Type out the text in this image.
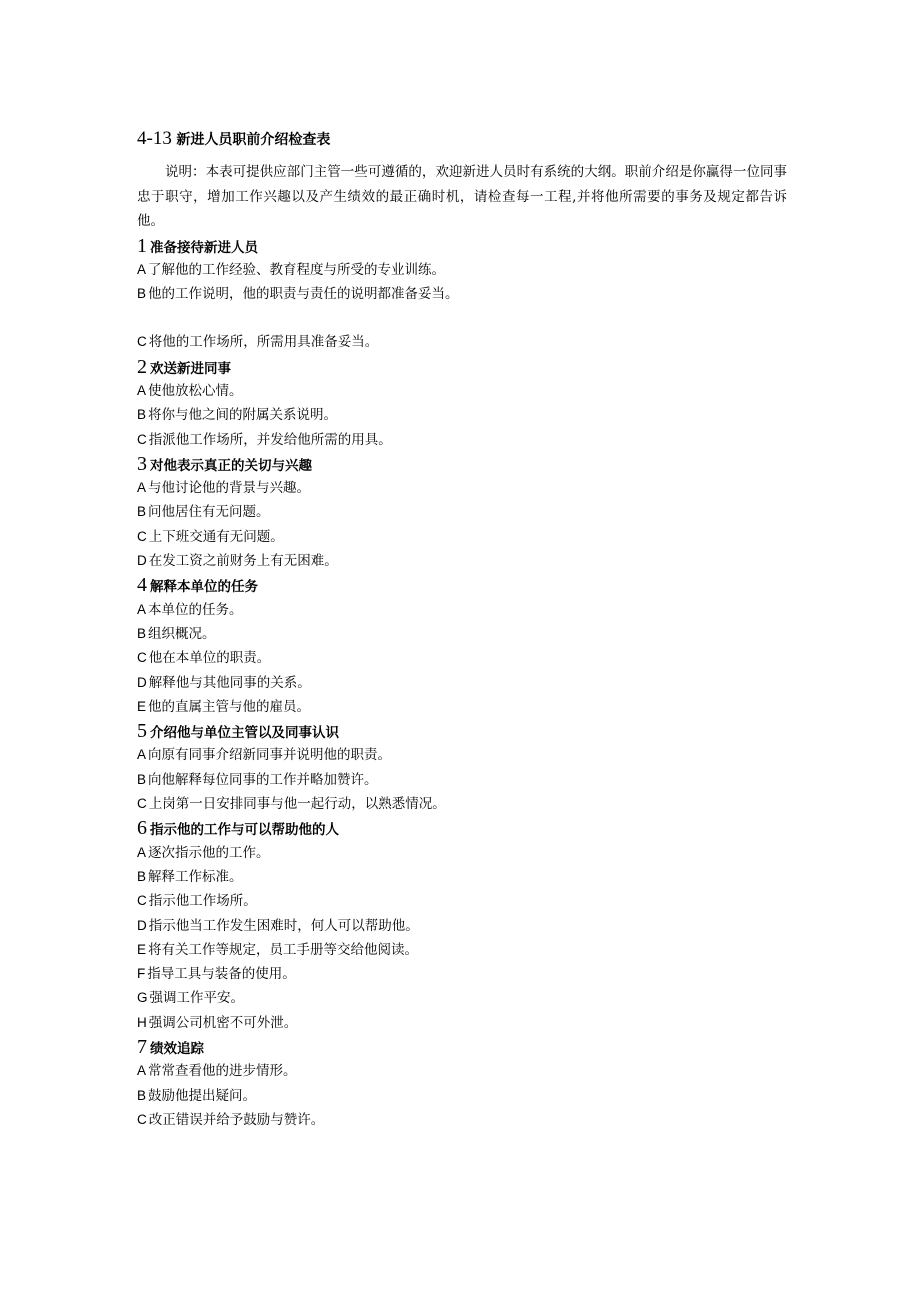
4-13 新进人员职前介绍检查表

说明：本表可提供应部门主管一些可遵循的，欢迎新进人员时有系统的大纲。职前介绍是你赢得一位同事忠于职守，增加工作兴趣以及产生绩效的最正确时机，请检查每一工程,并将他所需要的事务及规定都告诉他。

1 准备接待新进人员
A 了解他的工作经验、教育程度与所受的专业训练。
B 他的工作说明，他的职责与责任的说明都准备妥当。
C 将他的工作场所，所需用具准备妥当。
2 欢送新进同事
A 使他放松心情。
B 将你与他之间的附属关系说明。
C 指派他工作场所，并发给他所需的用具。
3 对他表示真正的关切与兴趣
A 与他讨论他的背景与兴趣。
B 问他居住有无问题。
C 上下班交通有无问题。
D 在发工资之前财务上有无困难。
4 解释本单位的任务
A 本单位的任务。
B 组织概况。
C 他在本单位的职责。
D 解释他与其他同事的关系。
E 他的直属主管与他的雇员。
5 介绍他与单位主管以及同事认识
A 向原有同事介绍新同事并说明他的职责。
B 向他解释每位同事的工作并略加赞许。
C 上岗第一日安排同事与他一起行动，以熟悉情况。
6 指示他的工作与可以帮助他的人
A 逐次指示他的工作。
B 解释工作标准。
C 指示他工作场所。
D 指示他当工作发生困难时，何人可以帮助他。
E 将有关工作等规定，员工手册等交给他阅读。
F 指导工具与装备的使用。
G 强调工作平安。
H 强调公司机密不可外泄。
7 绩效追踪
A 常常查看他的进步情形。
B 鼓励他提出疑问。
C 改正错误并给予鼓励与赞许。
